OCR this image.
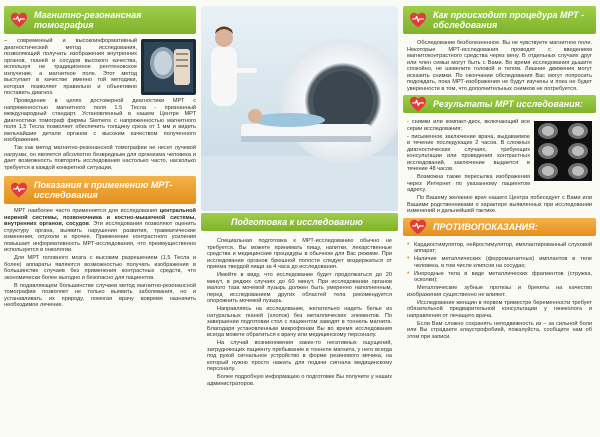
Магнитно-резонансная томография

– современный и высокоинформативный диагностический метод исследования, позволяющий получать изображения внутренних органов, тканей и сосудов высокого качества, используя не традиционное рентгеновское излучение, а магнитное поле. Этот метод выступает в качестве именно той методики, которая позволяет правильно и объективно поставить диагноз.

Проведение в целях достоверной диагностики МРТ с напряженностью магнитного поля 1.5 Тесла - признанный международный стандарт. Установленный в нашем Центре МРТ диагностики томограф фирмы Siemens с напряженностью магнитного поля 1,5 Тесла позволяет обеспечить толщину среза от 1 мм и видеть мельчайшие детали органов с высоким качеством полученного изображения.

Так как метод магнитно-резонансной томографии не несет лучевой нагрузки, он является абсолютно безвредным для организма человека и дает возможность повторять исследования настолько часто, насколько требуется в каждой конкретной ситуации.

Показания к применению МРТ-исследования

МРТ наиболее часто применяется для исследования центральной нервной системы, позвоночника и костно-мышечной системы, внутренних органов, сосудов. Эти исследования позволяют оценить структуру органа, выявить нарушения развития, травматические изменения, опухоли и прочее. Применение контрастного усиления повышает информативность МРТ-исследования, что преимущественно используется в онкологии.

Для МРТ головного мозга с высоким разрешением (1,5 Тесла и более) аппараты являются возможностью получать изображения в большинстве случаев без применения контрастных средств, что экономически более выгодно и безопасно для пациентов.

В подавляющем большинстве случаев метод магнитно-резонансной томографии позволяет не только выявить заболевания, но и устанавливать их природу, помогая врачу вовремя назначить необходимое лечение.

Подготовка к исследованию

Специальная подготовка к МРТ-исследованию обычно не требуется. Вы можете принимать пищу, напитки, лекарственные средства и медицинские процедуры в обычном для Вас режиме. При исследовании органов брюшной полости следует воздержаться от приема твердой пищи за 4 часа до исследования.

Имейте в виду, что исследование будет продолжаться до 20 минут, в редких случаях до 60 минут. При исследовании органов малого таза мочевой пузырь должен быть умеренно наполненным, перед исследованием других областей тела рекомендуется опорожнить мочевой пузырь.

Направляясь на исследование, желательно надеть белье из натуральных тканей (хлопок) без металлических элементов. По завершении подготовки стол с пациентом заводят в тоннель магнита. Благодаря установленным микрофонам Вы во время исследования всегда можете обратиться к врачу или медицинскому персоналу.

На случай возникновения каких-то негативных ощущений, затрудняющих пациенту пребывание в тоннеле магнита, у него всегда под рукой сигнальное устройство в форме резинового мячика, на который нужно просто нажать для подачи сигнала медицинскому персоналу.

Более подробную информацию о подготовке Вы получите у наших администраторов.

Как происходит процедура МРТ - обследования

Обследование безболезненное. Вы не чувствуете магнитное поле. Некоторые МРТ-исследования проводят с введением магнитоконтрастного средства через вену. В отдельных случаях друг или член семьи могут быть с Вами. Во время исследования дышите спокойно, не шевелите головой и телом. Лишние движения могут исказить снимки. По окончании обследования Вас могут попросить подождать, пока МРТ-изображения не будут изучены и пока не будет уверенности в том, что дополнительных снимков не потребуется.

Результаты МРТ исследования:

- снимки или компакт-диск, включающий все серии исследования;

- письменное заключение врача, выдаваемое в течение последующих 2 часов. В сложных диагностических случаях, требующих консультации или проведения контрастных исследований, заключение выдается в течение 48 часов.

Возможна также пересылка изображения через Интернет по указанному пациентом адресу.

По Вашему желанию врач нашего Центра побеседует с Вами или Вашими родственниками о характере выявленных при исследовании изменений и дальнейшей тактике.

ПРОТИВОПОКАЗАНИЯ:
• Кардиостимулятор, нейростимулятор, имплантированный слуховой аппарат;
• Наличие металлических (ферромагнитных) имплантов в теле человека, в том числе клипсов на сосудах;
• Инородные тела в виде металлических фрагментов (стружка, осколки);

Металлические зубные протезы и брекеты на качество изображения существенно не влияют.

Исследование женщин в первом триместре беременности требует обязательной предварительной консультации у гинеколога и направления от лечащего врача.

Если Вам сложно сохранять неподвижность из – за сильной боли или Вы страдаете клаустрофобией, пожалуйста, сообщите нам об этом при записи.
